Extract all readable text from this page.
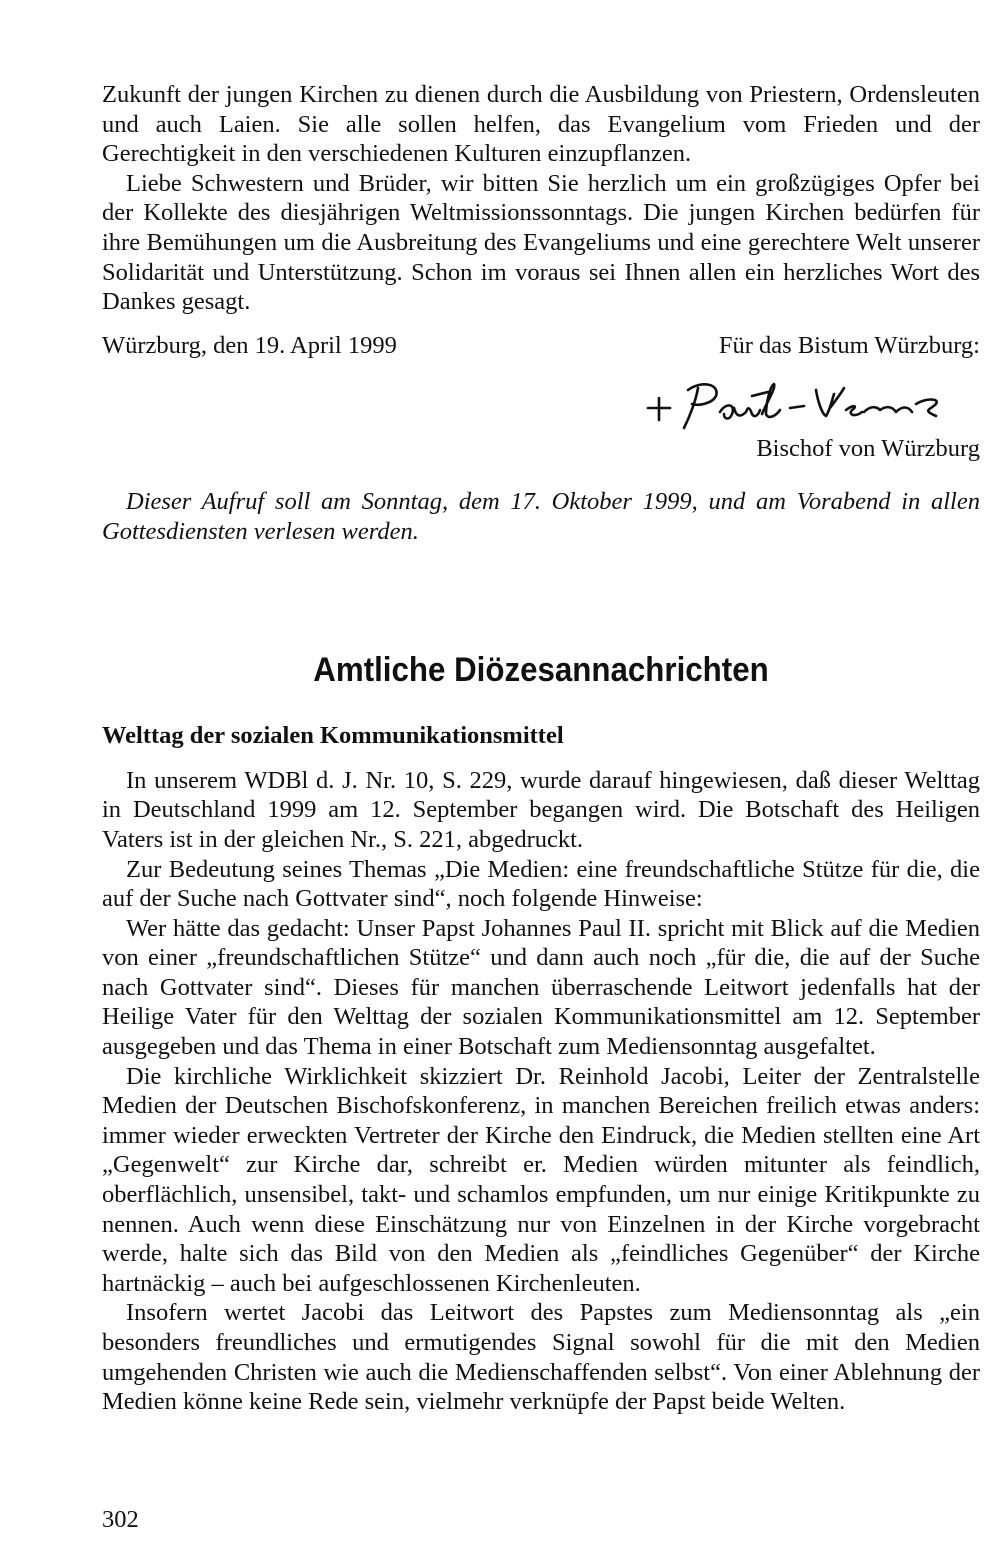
Zukunft der jungen Kirchen zu dienen durch die Ausbildung von Priestern, Ordensleuten und auch Laien. Sie alle sollen helfen, das Evangelium vom Frieden und der Gerechtigkeit in den verschiedenen Kulturen einzupflanzen.

Liebe Schwestern und Brüder, wir bitten Sie herzlich um ein großzügiges Opfer bei der Kollekte des diesjährigen Weltmissionssonntags. Die jungen Kirchen bedürfen für ihre Bemühungen um die Ausbreitung des Evangeliums und eine gerechtere Welt unserer Solidarität und Unterstützung. Schon im voraus sei Ihnen allen ein herzliches Wort des Dankes gesagt.

Würzburg, den 19. April 1999	Für das Bistum Würzburg:

Bischof von Würzburg

Dieser Aufruf soll am Sonntag, dem 17. Oktober 1999, und am Vorabend in allen Gottesdiensten verlesen werden.

Amtliche Diözesannachrichten
Welttag der sozialen Kommunikationsmittel

In unserem WDBl d. J. Nr. 10, S. 229, wurde darauf hingewiesen, daß dieser Welttag in Deutschland 1999 am 12. September begangen wird. Die Botschaft des Heiligen Vaters ist in der gleichen Nr., S. 221, abgedruckt.

Zur Bedeutung seines Themas „Die Medien: eine freundschaftliche Stütze für die, die auf der Suche nach Gottvater sind“, noch folgende Hinweise:

Wer hätte das gedacht: Unser Papst Johannes Paul II. spricht mit Blick auf die Medien von einer „freundschaftlichen Stütze“ und dann auch noch „für die, die auf der Suche nach Gottvater sind“. Dieses für manchen überraschende Leitwort jedenfalls hat der Heilige Vater für den Welttag der sozialen Kommunikationsmittel am 12. September ausgegeben und das Thema in einer Botschaft zum Mediensonntag ausgefaltet.

Die kirchliche Wirklichkeit skizziert Dr. Reinhold Jacobi, Leiter der Zentralstelle Medien der Deutschen Bischofskonferenz, in manchen Bereichen freilich etwas anders: immer wieder erweckten Vertreter der Kirche den Eindruck, die Medien stellten eine Art „Gegenwelt“ zur Kirche dar, schreibt er. Medien würden mitunter als feindlich, oberflächlich, unsensibel, takt- und schamlos empfunden, um nur einige Kritikpunkte zu nennen. Auch wenn diese Einschätzung nur von Einzelnen in der Kirche vorgebracht werde, halte sich das Bild von den Medien als „feindliches Gegenüber“ der Kirche hartnäckig – auch bei aufgeschlossenen Kirchenleuten.

Insofern wertet Jacobi das Leitwort des Papstes zum Mediensonntag als „ein besonders freundliches und ermutigendes Signal sowohl für die mit den Medien umgehenden Christen wie auch die Medienschaffenden selbst“. Von einer Ablehnung der Medien könne keine Rede sein, vielmehr verknüpfe der Papst beide Welten.

302
